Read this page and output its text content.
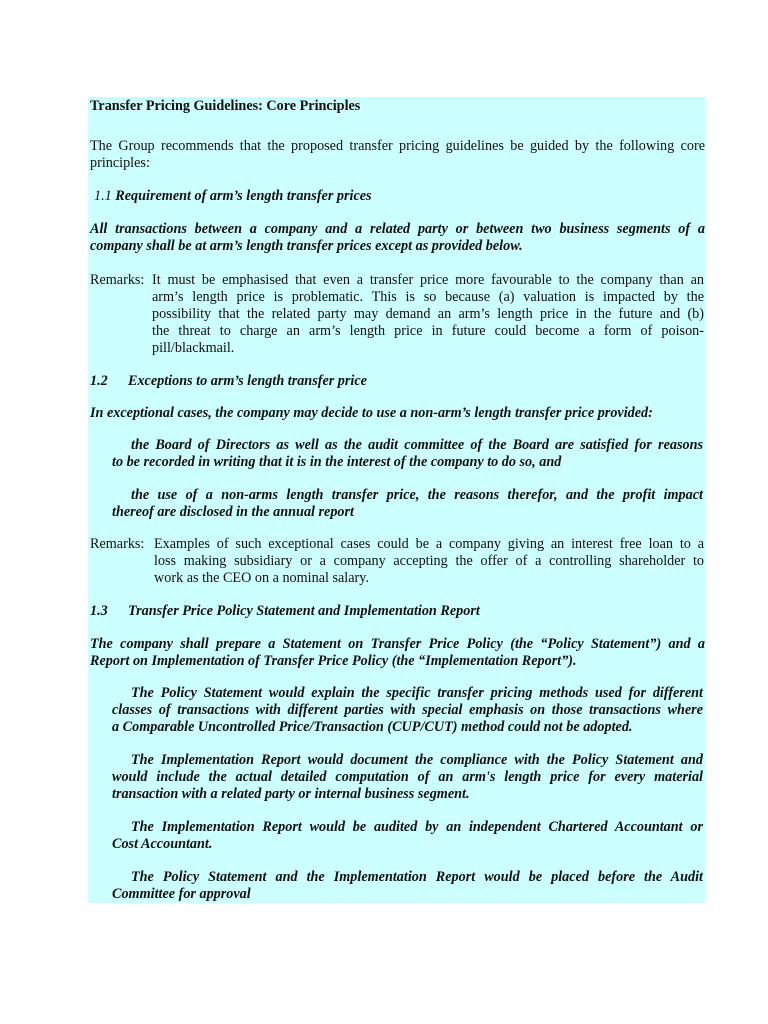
Transfer Pricing Guidelines: Core Principles
The Group recommends that the proposed transfer pricing guidelines be guided by the following core
principles:
1.1 Requirement of arm’s length transfer prices
All transactions between a company and a related party or between two business segments of a
company shall be at arm’s length transfer prices except as provided below.
Remarks: It must be emphasised that even a transfer price more favourable to the company than an
arm’s length price is problematic. This is so because (a) valuation is impacted by the
possibility that the related party may demand an arm’s length price in the future and (b)
the threat to charge an arm’s length price in future could become a form of poison-
pill/blackmail.
1.2 Exceptions to arm’s length transfer price
In exceptional cases, the company may decide to use a non-arm’s length transfer price provided:
the Board of Directors as well as the audit committee of the Board are satisfied for reasons
to be recorded in writing that it is in the interest of the company to do so, and
the use of a non-arms length transfer price, the reasons therefor, and the profit impact
thereof are disclosed in the annual report
Remarks: Examples of such exceptional cases could be a company giving an interest free loan to a
loss making subsidiary or a company accepting the offer of a controlling shareholder to
work as the CEO on a nominal salary.
1.3 Transfer Price Policy Statement and Implementation Report
The company shall prepare a Statement on Transfer Price Policy (the “Policy Statement”) and a
Report on Implementation of Transfer Price Policy (the “Implementation Report”).
The Policy Statement would explain the specific transfer pricing methods used for different
classes of transactions with different parties with special emphasis on those transactions where
a Comparable Uncontrolled Price/Transaction (CUP/CUT) method could not be adopted.
The Implementation Report would document the compliance with the Policy Statement and
would include the actual detailed computation of an arm's length price for every material
transaction with a related party or internal business segment.
The Implementation Report would be audited by an independent Chartered Accountant or
Cost Accountant.
The Policy Statement and the Implementation Report would be placed before the Audit
Committee for approval
